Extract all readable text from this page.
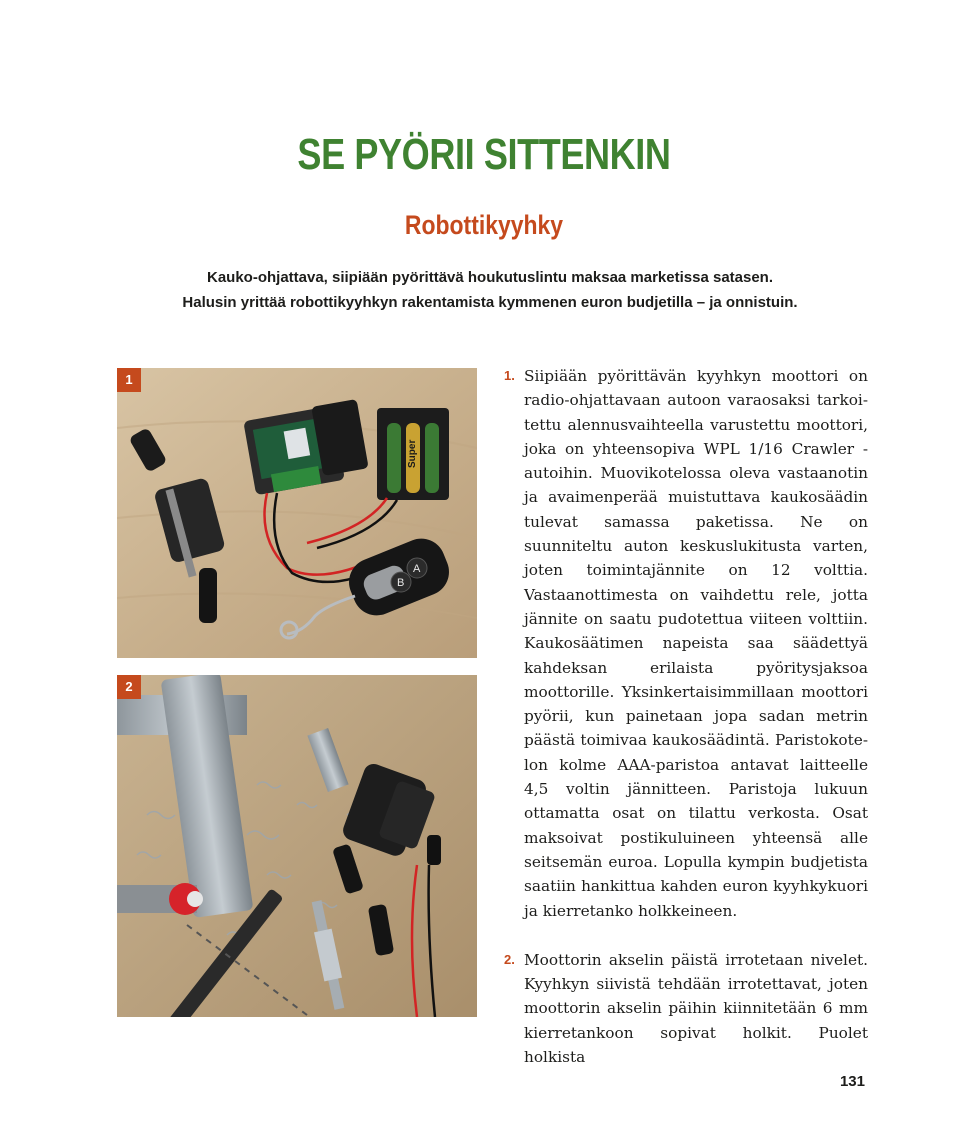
SE PYÖRII SITTENKIN
Robottikyyhky

Kauko-ohjattava, siipiään pyörittävä houkutuslintu maksaa marketissa satasen.
Halusin yrittää robottikyyhkyn rakentamista kymmenen euron budjetilla – ja onnistuin.

Super
A
B
1
2

1. Siipiään pyörittävän kyyhkyn moottori on radio-ohjattavaan autoon varaosaksi tarkoitettu alennusvaihteella varustettu moottori, joka on yhteensopiva WPL 1/16 Crawler -autoihin. Muovikotelossa oleva vastaanotin ja avaimenperää muistuttava kaukosäädin tulevat samassa paketissa. Ne on suunniteltu auton keskuslukitusta varten, joten toimintajännite on 12 volttia. Vastaanottimesta on vaihdettu rele, jotta jännite on saatu pudotettua viiteen volttiin. Kaukosäätimen napeista saa säädettyä kahdeksan erilaista pyöritysjaksoa moottorille. Yksinkertaisimmillaan moottori pyörii, kun painetaan jopa sadan metrin päästä toimivaa kaukosäädintä. Paristokotelon kolme AAA-paristoa antavat laitteelle 4,5 voltin jännitteen. Paristoja lukuun ottamatta osat on tilattu verkosta. Osat maksoivat postikuluineen yhteensä alle seitsemän euroa. Lopulla kympin budjetista saatiin hankittua kahden euron kyyhkykuori ja kierretanko holkkeineen.

2. Moottorin akselin päistä irrotetaan nivelet. Kyyhkyn siivistä tehdään irrotettavat, joten moottorin akselin päihin kiinnitetään 6 mm kierretankoon sopivat holkit. Puolet holkista

131
